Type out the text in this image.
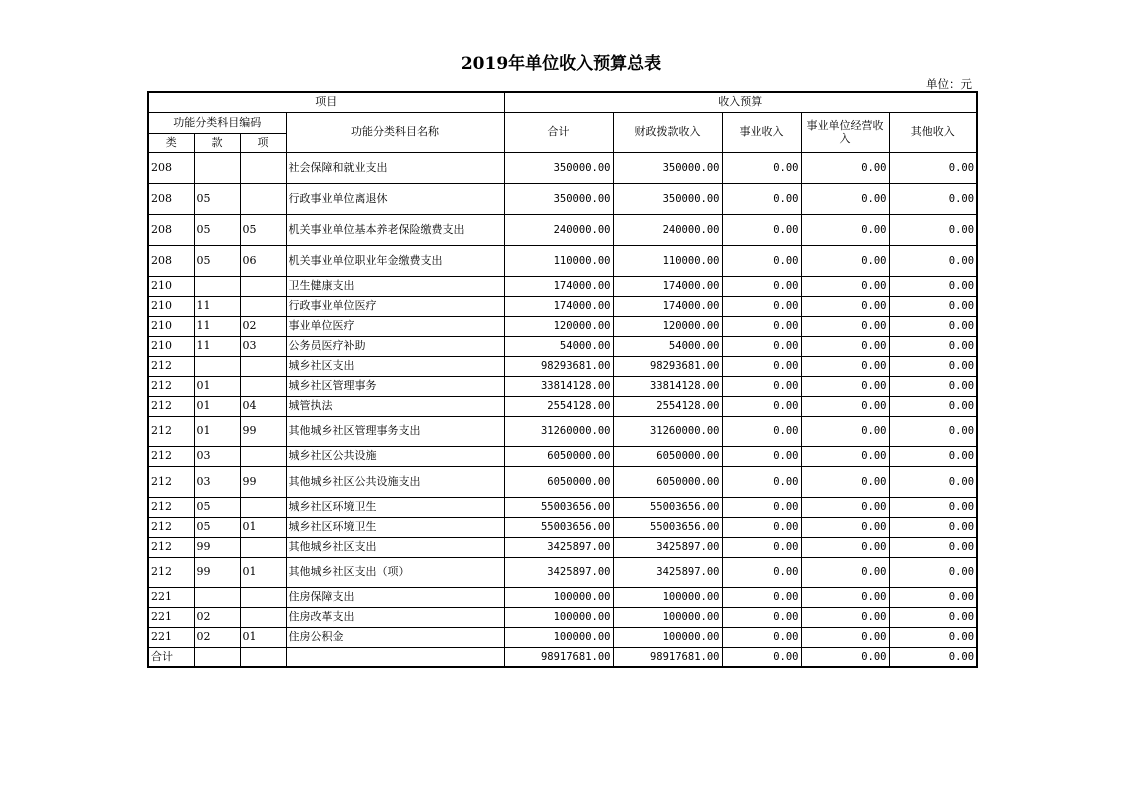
2019年单位收入预算总表
单位：元
项目				收入预算				
功能分类科目编码			功能分类科目名称	合计	财政拨款收入	事业收入	事业单位经营收入	其他收入
类	款	项						
208			社会保障和就业支出	350000.00	350000.00	0.00	0.00	0.00
208	05		行政事业单位离退休	350000.00	350000.00	0.00	0.00	0.00
208	05	05	机关事业单位基本养老保险缴费支出	240000.00	240000.00	0.00	0.00	0.00
208	05	06	机关事业单位职业年金缴费支出	110000.00	110000.00	0.00	0.00	0.00
210			卫生健康支出	174000.00	174000.00	0.00	0.00	0.00
210	11		行政事业单位医疗	174000.00	174000.00	0.00	0.00	0.00
210	11	02	事业单位医疗	120000.00	120000.00	0.00	0.00	0.00
210	11	03	公务员医疗补助	54000.00	54000.00	0.00	0.00	0.00
212			城乡社区支出	98293681.00	98293681.00	0.00	0.00	0.00
212	01		城乡社区管理事务	33814128.00	33814128.00	0.00	0.00	0.00
212	01	04	城管执法	2554128.00	2554128.00	0.00	0.00	0.00
212	01	99	其他城乡社区管理事务支出	31260000.00	31260000.00	0.00	0.00	0.00
212	03		城乡社区公共设施	6050000.00	6050000.00	0.00	0.00	0.00
212	03	99	其他城乡社区公共设施支出	6050000.00	6050000.00	0.00	0.00	0.00
212	05		城乡社区环境卫生	55003656.00	55003656.00	0.00	0.00	0.00
212	05	01	城乡社区环境卫生	55003656.00	55003656.00	0.00	0.00	0.00
212	99		其他城乡社区支出	3425897.00	3425897.00	0.00	0.00	0.00
212	99	01	其他城乡社区支出（项）	3425897.00	3425897.00	0.00	0.00	0.00
221			住房保障支出	100000.00	100000.00	0.00	0.00	0.00
221	02		住房改革支出	100000.00	100000.00	0.00	0.00	0.00
221	02	01	住房公积金	100000.00	100000.00	0.00	0.00	0.00
合计				98917681.00	98917681.00	0.00	0.00	0.00
